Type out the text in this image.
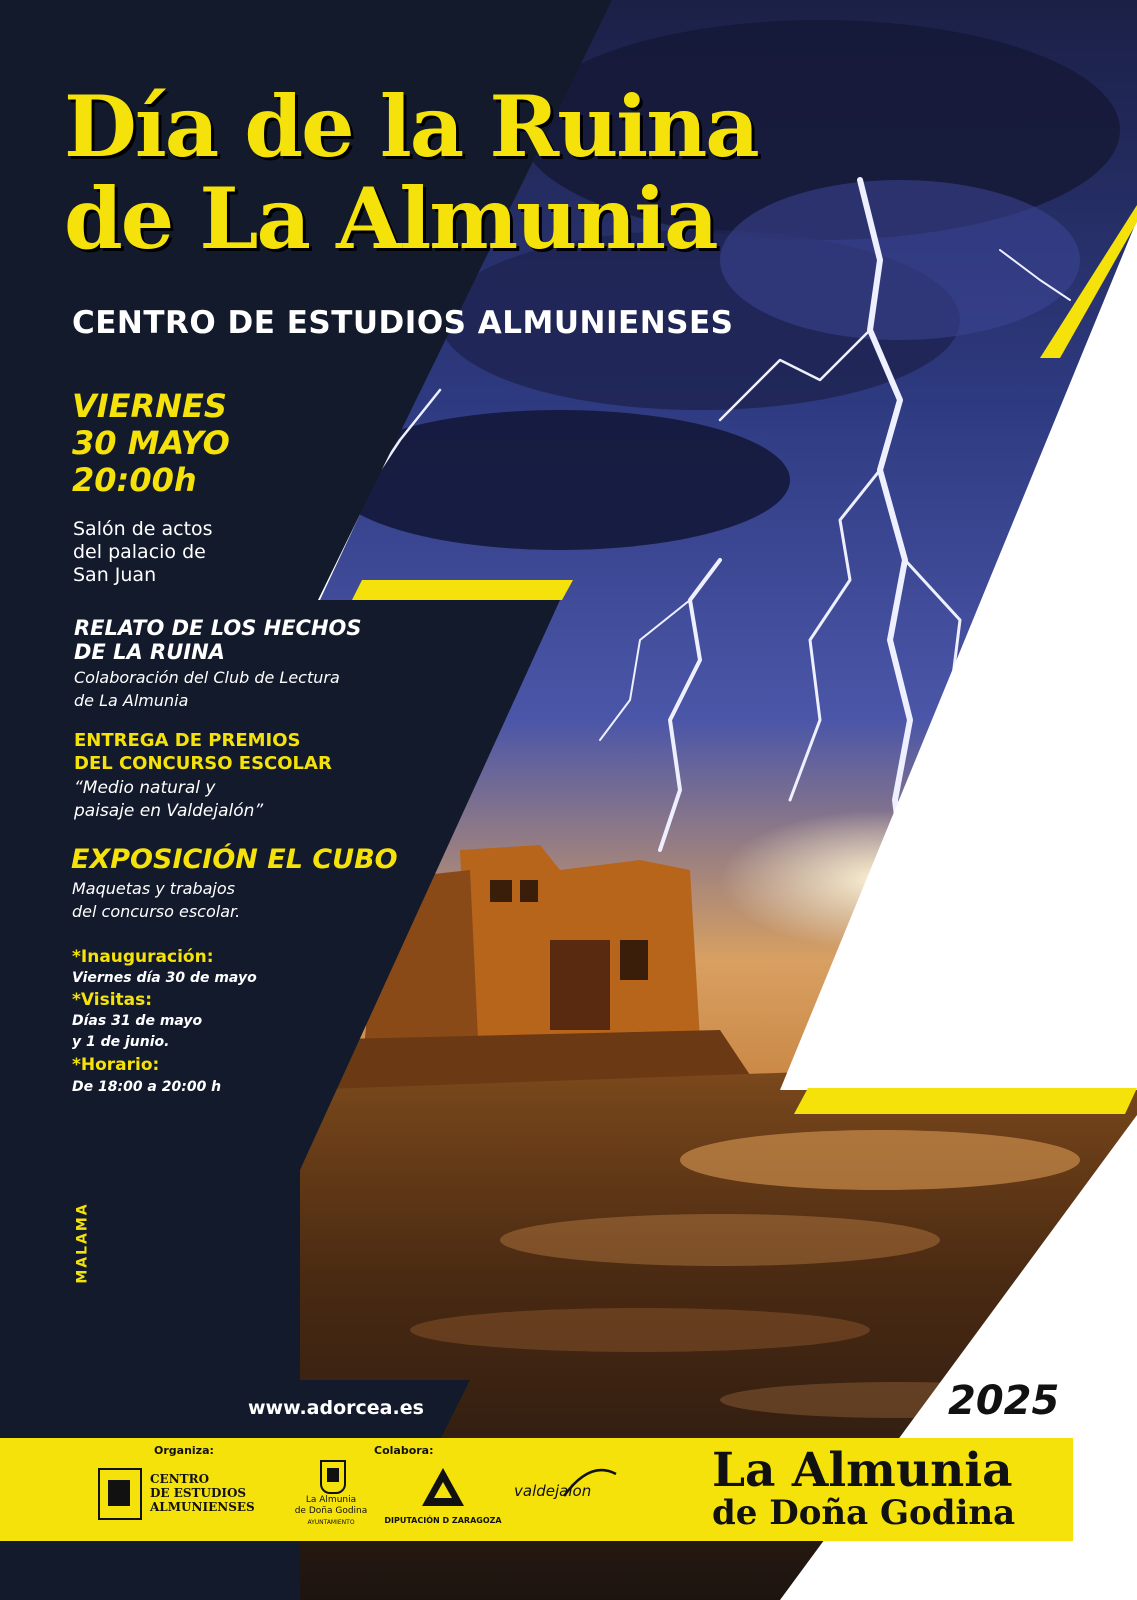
Día de la Ruina
de La Almunia
CENTRO DE ESTUDIOS ALMUNIENSES
VIERNES
30 MAYO
20:00h
Salón de actos
del palacio de
San Juan
RELATO DE LOS HECHOS
DE LA RUINA
Colaboración del Club de Lectura
de La Almunia
ENTREGA DE PREMIOS
DEL CONCURSO ESCOLAR
“Medio natural y
paisaje en Valdejalón”
EXPOSICIÓN EL CUBO
Maquetas y trabajos
del concurso escolar.
*Inauguración:
Viernes día 30 de mayo
*Visitas:
Días 31 de mayo
y 1 de junio.
*Horario:
De 18:00 a 20:00 h
MALAMA
www.adorcea.es	2025
Organiza:	Colabora:
CENTRO
DE ESTUDIOS
ALMUNIENSES	La Almunia
de Doña Godina
AYUNTAMIENTO	DIPUTACIÓN D ZARAGOZA
valdejalon	La Almunia
de Doña Godina
